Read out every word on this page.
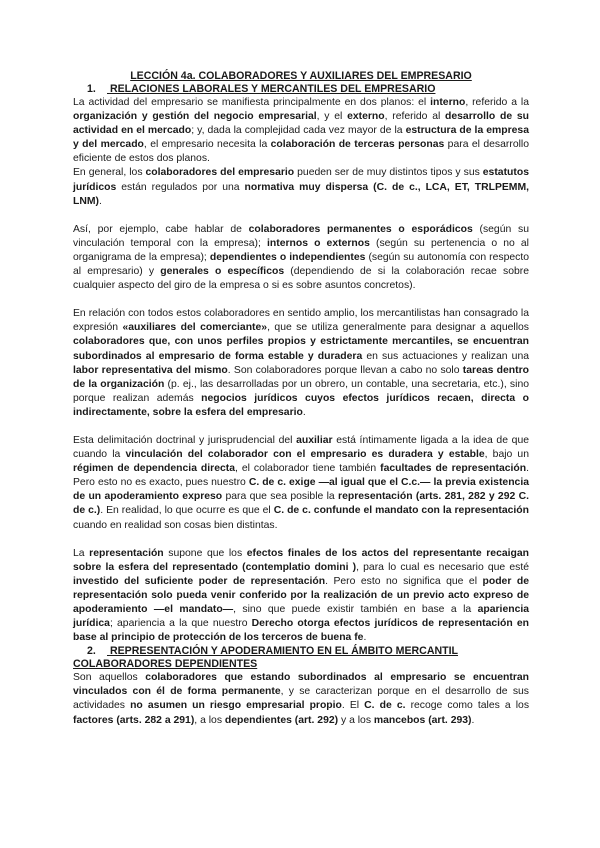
LECCIÓN 4a. COLABORADORES Y AUXILIARES DEL EMPRESARIO

1. RELACIONES LABORALES Y MERCANTILES DEL EMPRESARIO

La actividad del empresario se manifiesta principalmente en dos planos: el interno, referido a la organización y gestión del negocio empresarial, y el externo, referido al desarrollo de su actividad en el mercado; y, dada la complejidad cada vez mayor de la estructura de la empresa y del mercado, el empresario necesita la colaboración de terceras personas para el desarrollo eficiente de estos dos planos.

En general, los colaboradores del empresario pueden ser de muy distintos tipos y sus estatutos jurídicos están regulados por una normativa muy dispersa (C. de c., LCA, ET, TRLPEMM, LNM).

Así, por ejemplo, cabe hablar de colaboradores permanentes o esporádicos (según su vinculación temporal con la empresa); internos o externos (según su pertenencia o no al organigrama de la empresa); dependientes o independientes (según su autonomía con respecto al empresario) y generales o específicos (dependiendo de si la colaboración recae sobre cualquier aspecto del giro de la empresa o si es sobre asuntos concretos).

En relación con todos estos colaboradores en sentido amplio, los mercantilistas han consagrado la expresión «auxiliares del comerciante», que se utiliza generalmente para designar a aquellos colaboradores que, con unos perfiles propios y estrictamente mercantiles, se encuentran subordinados al empresario de forma estable y duradera en sus actuaciones y realizan una labor representativa del mismo. Son colaboradores porque llevan a cabo no solo tareas dentro de la organización (p. ej., las desarrolladas por un obrero, un contable, una secretaria, etc.), sino porque realizan además negocios jurídicos cuyos efectos jurídicos recaen, directa o indirectamente, sobre la esfera del empresario.

Esta delimitación doctrinal y jurisprudencial del auxiliar está íntimamente ligada a la idea de que cuando la vinculación del colaborador con el empresario es duradera y estable, bajo un régimen de dependencia directa, el colaborador tiene también facultades de representación. Pero esto no es exacto, pues nuestro C. de c. exige —al igual que el C.c.— la previa existencia de un apoderamiento expreso para que sea posible la representación (arts. 281, 282 y 292 C. de c.). En realidad, lo que ocurre es que el C. de c. confunde el mandato con la representación cuando en realidad son cosas bien distintas.

La representación supone que los efectos finales de los actos del representante recaigan sobre la esfera del representado (contemplatio domini ), para lo cual es necesario que esté investido del suficiente poder de representación. Pero esto no significa que el poder de representación solo pueda venir conferido por la realización de un previo acto expreso de apoderamiento —el mandato—, sino que puede existir también en base a la apariencia jurídica; apariencia a la que nuestro Derecho otorga efectos jurídicos de representación en base al principio de protección de los terceros de buena fe.

2. REPRESENTACIÓN Y APODERAMIENTO EN EL ÁMBITO MERCANTIL

COLABORADORES DEPENDIENTES

Son aquellos colaboradores que estando subordinados al empresario se encuentran vinculados con él de forma permanente, y se caracterizan porque en el desarrollo de sus actividades no asumen un riesgo empresarial propio. El C. de c. recoge como tales a los factores (arts. 282 a 291), a los dependientes (art. 292) y a los mancebos (art. 293).
